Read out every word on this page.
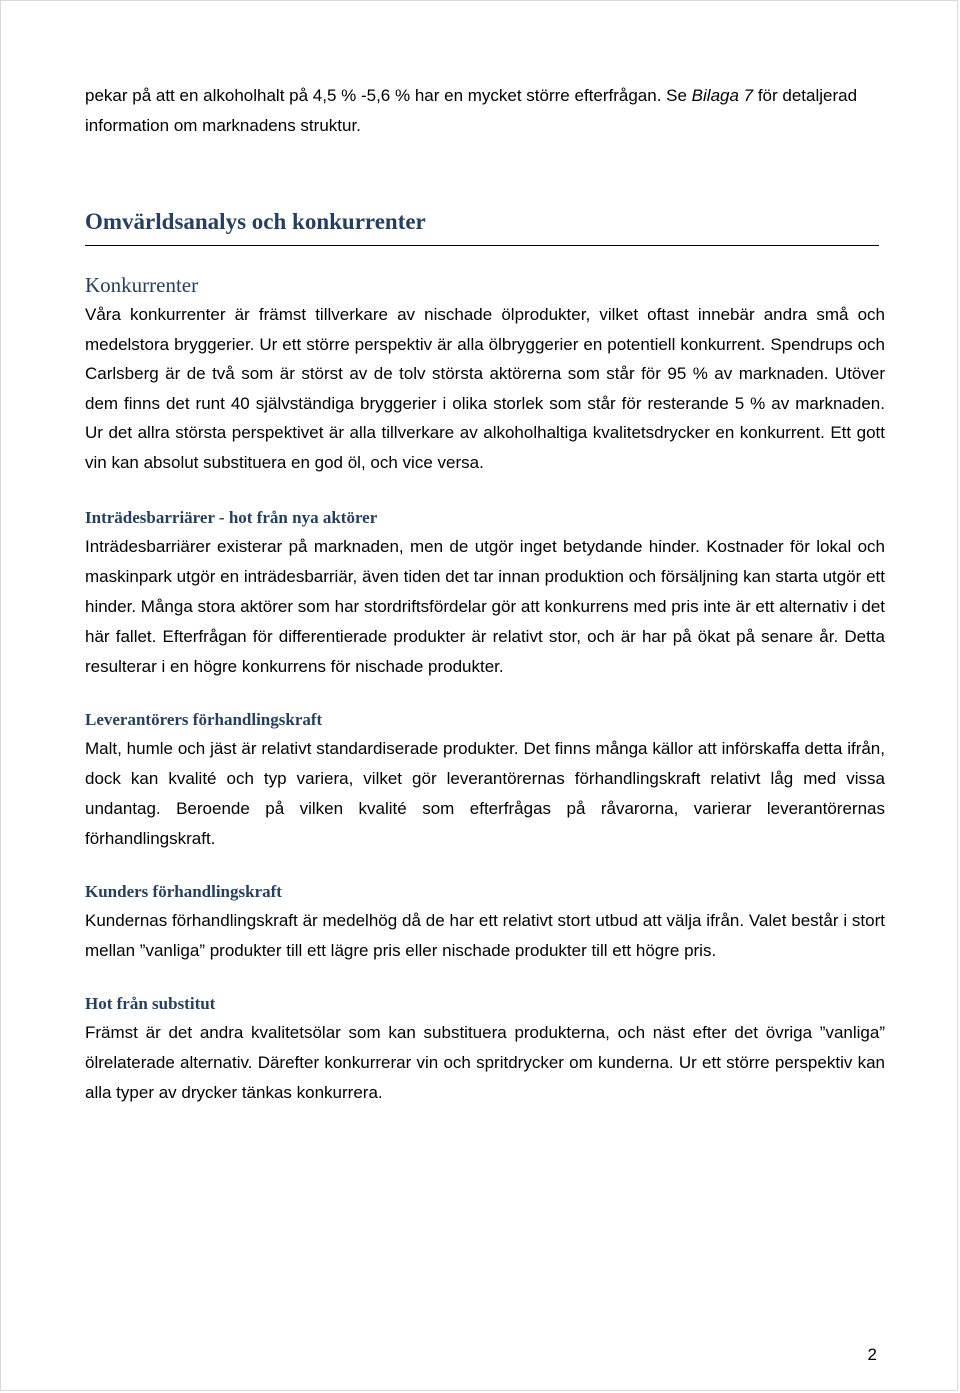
pekar på att en alkoholhalt på 4,5 % -5,6 % har en mycket större efterfrågan. Se Bilaga 7 för detaljerad information om marknadens struktur.

Omvärldsanalys och konkurrenter
Konkurrenter

Våra konkurrenter är främst tillverkare av nischade ölprodukter, vilket oftast innebär andra små och medelstora bryggerier. Ur ett större perspektiv är alla ölbryggerier en potentiell konkurrent. Spendrups och Carlsberg är de två som är störst av de tolv största aktörerna som står för 95 % av marknaden. Utöver dem finns det runt 40 självständiga bryggerier i olika storlek som står för resterande 5 % av marknaden. Ur det allra största perspektivet är alla tillverkare av alkoholhaltiga kvalitetsdrycker en konkurrent. Ett gott vin kan absolut substituera en god öl, och vice versa.

Inträdesbarriärer - hot från nya aktörer

Inträdesbarriärer existerar på marknaden, men de utgör inget betydande hinder. Kostnader för lokal och maskinpark utgör en inträdesbarriär, även tiden det tar innan produktion och försäljning kan starta utgör ett hinder. Många stora aktörer som har stordriftsfördelar gör att konkurrens med pris inte är ett alternativ i det här fallet. Efterfrågan för differentierade produkter är relativt stor, och är har på ökat på senare år. Detta resulterar i en högre konkurrens för nischade produkter.

Leverantörers förhandlingskraft

Malt, humle och jäst är relativt standardiserade produkter. Det finns många källor att införskaffa detta ifrån, dock kan kvalité och typ variera, vilket gör leverantörernas förhandlingskraft relativt låg med vissa undantag. Beroende på vilken kvalité som efterfrågas på råvarorna, varierar leverantörernas förhandlingskraft.

Kunders förhandlingskraft

Kundernas förhandlingskraft är medelhög då de har ett relativt stort utbud att välja ifrån. Valet består i stort mellan ”vanliga” produkter till ett lägre pris eller nischade produkter till ett högre pris.

Hot från substitut

Främst är det andra kvalitetsölar som kan substituera produkterna, och näst efter det övriga ”vanliga” ölrelaterade alternativ. Därefter konkurrerar vin och spritdrycker om kunderna. Ur ett större perspektiv kan alla typer av drycker tänkas konkurrera.

2
